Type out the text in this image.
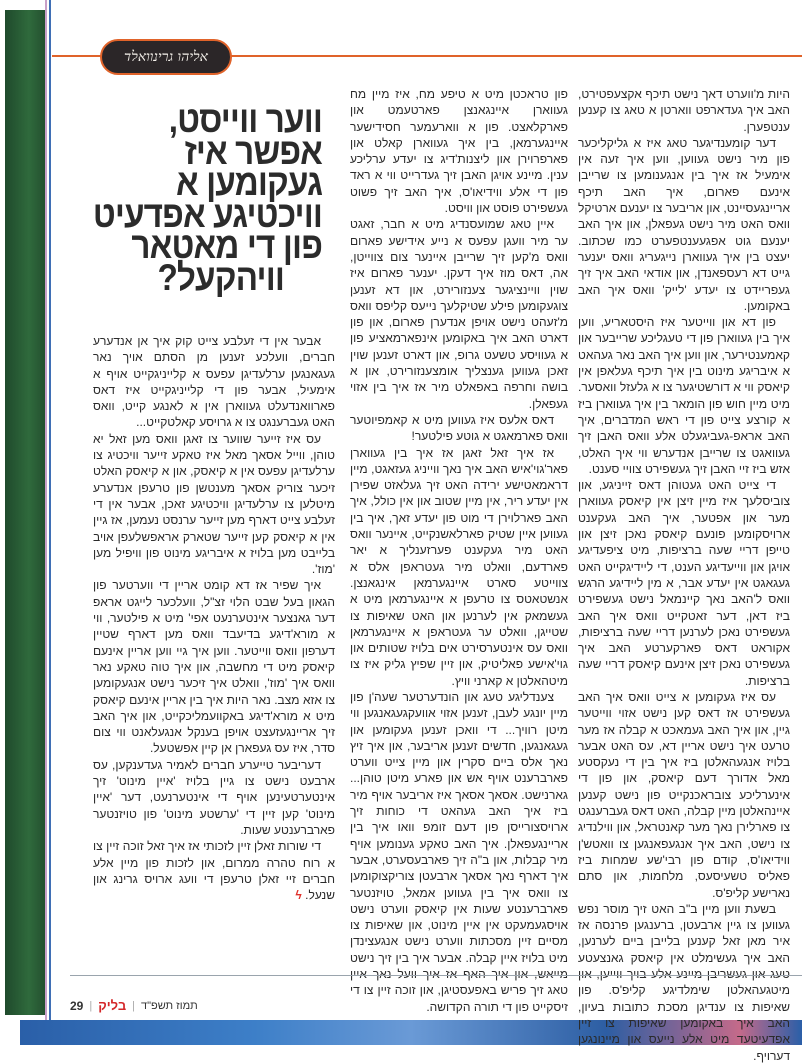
אליהו גרינוואלד
ווער ווייסט,
אפשר איז
געקומען א
וויכטיגע אפדעיט
פון די מאטאר
וויהקעל?

היות מ'ווערט דאך נישט תיכף אקצעפטירט, האב איך געדארפט ווארטן א טאג צו קענען ענטפערן.

דער קומענדיגער טאג איז א גליקליכער פון מיר נישט געווען, ווען איך זעה אין אימעיל אז איך בין אנגענומען צו שרייבן אינעם פארום, איך האב תיכף אריינגעסיינט, און אריבער צו יענעם ארטיקל וואס האט מיר נישט געפאלן, און איך האב יענעם גוט אפגעענטפערט כמו שכתוב. יעצט בין איך געווארן נייגעריג וואס יענער גייט דא רעספאנדן, און אודאי האב איך זיך געפריידט צו יעדע 'לייק' וואס איך האב באקומען.

פון דא און ווייטער איז היסטאריע, ווען איך בין געווארן פון די טעגליכע שרייבער און קאמענטירער, און ווען איך האב נאר געהאט א איבריגע מינוט בין איך תיכף געלאפן אין קיאסק ווי א דורשטיגער צו א גלעזל וואסער. מיט מיין חוש פון הומאר בין איך געווארן ביז א קורצע צייט פון די ראש המדברים, איך האב אראפ-געביגעלט אלע וואס האבן זיך געוואגט צו שרייבן אנדערש ווי איך האלט, אזש ביז זיי האבן זיך געשפירט צוויי סענט.

די צייט האט געטוהן דאס זייניגע, און צוביסלעך איז מיין זיצן אין קיאסק געווארן מער און אפטער, איך האב געקענט ארויסקומען פונעם קיאסק נאכן זיצן און טייפן דריי שעה ברציפות, מיט ציפעדיגע אויגן און ווייעדיגע הענט, די ליידיגקייט האט געגאגט אין יעדע אבר, א מין ליידיגע הרגש וואס ל'האב נאך קיינמאל נישט געשפירט ביז דאן, דער זאטקייט וואס איך האב געשפירט נאכן לערנען דריי שעה ברציפות, אקוראט דאס פארקערטע האב איך געשפירט נאכן זיצן אינעם קיאסק דריי שעה ברציפות.

עס איז געקומען א צייט וואס איך האב געשפירט אז דאס קען נישט אזוי ווייטער גיין, און איך האב געמאכט א קבלה אז מער טרעט איך נישט אריין דא, עס האט אבער בלויז אנגעהאלטן ביז איך בין די נעקסטע מאל אדורך דעם קיאסק, און פון די אינערליכע צובראכנקייט פון נישט קענען איינהאלטן מיין קבלה, האט דאס געברענגט צו פארלירן נאך מער קאנטראל, און ווילנדיג צו נישט, האב איך אנגעפאנגען צו וואטש'ן ווידיאו'ס, קודם פון רבי'שע שמחות ביז פאליס טשעיסעס, מלחמות, און סתם נארישע קליפ'ס.

בשעת ווען מיין ב"ב האט זיך מוסר נפש געווען צו גיין ארבעטן, ברענגען פרנסה אז איר מאן זאל קענען בלייבן ביים לערנען, האב איך געשימלט אין קיאסק גאנצעטע מיטגעהאלטן שימלדיגע קליפ'ס. פון שאיפות צו ענדיגן מסכת כתובות בעיון, האב איך באקומען שאיפות צו זיין אפדעיטעד מיט אלע נייעס און מיינונגען דערויף.

פון טראכטן מיט א טיפע מח, איז מיין מח געווארן איינגאנצן פארטעמט און פארקלאצט. פון א ווארעמער חסידישער איינגערמאן, בין איך געווארן קאלט און פארפרוירן און ליצנות'דיג צו יעדע ערליכע ענין. מיינע אויגן האבן זיך געדרייט ווי א ראד פון די אלע ווידיאו'ס, איך האב זיך פשוט געשפירט פוסט און וויסט.

איין טאג שמועסנדיג מיט א חבר, זאגט ער מיר וועגן עפעס א נייע אידישע פארום וואס מ'קען זיך שרייבן איינער צום צווייטן, אה, דאס מוז איך דעקן. יענער פארום איז שוין וויינציגער צענזורירט, און דא זענען צוגעקומען פילע שטיקלעך נייעס קליפס וואס מ'זעהט נישט אויפן אנדערן פארום, און פון דארט האב איך באקומען אינפארמאציע פון א געוויסע טשעט גרופ, און דארט זענען שוין זאכן געווען גענצליך אומצענזורירט, און א בושה וחרפה באפאלט מיר אז איך בין אזוי געפאלן.

דאס אלעס איז געווען מיט א קאמפיוטער וואס פארמאגט א גוטע פילטער!

אז איך זאל זאגן אז איך בין געווארן פאר'גוי'איש האב איך נאך ווייניג געזאגט, מיין דראמאטישע ירידה האט זיך געלאזט שפירן אין יעדע ריר, אין מיין שטוב און אין כולל, איך האב פארלוירן די מוט פון יעדע זאך, איך בין געווען איין שטיק פארלאשנקייט, איינער וואס האט מיר געקענט פערזענליך א יאר פארדעם, וואלט מיר געטראפן אלס א צווייטע סארט איינגערמאן אינגאנצן. אנשטאטס צו טרעפן א איינגערמאן מיט א געשמאק אין לערנען און האט שאיפות צו שטייגן, וואלט ער געטראפן א איינגערמאן וואס עס אינטערסירט אים בלויז שטותים און גוי'אישע פאליטיק, און זיין שפיץ גליק איז צו מיטהאלטן א קארני וויץ.

צענדליגע טעג און הונדערטער שעה'ן פון מיין יונגע לעבן, זענען אזוי אוועקגעגאנגען ווי מיטן רוויך... די וואכן זענען געקומען און געגאנגען, חדשים זענען אריבער, און איך זיץ נאך אלס ביים סקרין און מיין צייט ווערט פארברענט אויף אש און פארע מיטן טוהן... גארנישט. אסאך אסאך איז אריבער אויף מיר ביז איך האב געהאט די כוחות זיך ארויסצורייסן פון דעם זומפ וואו איך בין אריינגעפאלן. איך האב טאקע גענומען אויף מיר קבלות, און ב"ה זיך פארבעסערט, אבער איך דארף נאך אסאך ארבעטן צוריקצוקומען צו וואס איך בין געווען אמאל, טויזנטער פארברענטע שעות אין קיאסק ווערט נישט אויסגעמעקט אין איין מינוט, און שאיפות צו מסיים זיין מסכתות ווערט נישט אנגעצינדן מיט בלויז איין קבלה. אבער איך בין זיך נישט טאג זיך פריש באפעסטיגן, און זוכה זיין צו די זיסקייט פון די תורה הקדושה.

אבער אין די זעלבע צייט קוק איך אן אנדערע חברים, וועלכע זענען מן הסתם אויך נאר געגאנגען ערלעדיגן עפעס א קלייניגקייט אויף א אימעיל, אבער פון די קלייניגקייט איז דאס פארוואנדעלט געווארן אין א לאנגע קייט, וואס האט געברענגט צו א גרויסע קאלטקייט...

עס איז זייער שווער צו זאגן וואס מען זאל יא טוהן, ווייל אסאך מאל איז טאקע זייער וויכטיג צו ערלעדיגן עפעס אין א קיאסק, און א קיאסק האלט זיכער צוריק אסאך מענטשן פון טרעפן אנדערע מיטלען צו ערלעדיגן וויכטיגע זאכן, אבער אין די זעלבע צייט דארף מען זייער ערנסט נעמען, אז גיין אין א קיאסק קען זייער שטארק אראפשלעפן אויב בלייבט מען בלויז א איבריגע מינוט פון וויפיל מען 'מוז'.

איך שפיר אז דא קומט אריין די ווערטער פון הגאון בעל שבט הלוי זצ"ל, וועלכער לייגט אראפ דער גאנצער אינטערנעט אפי' מיט א פילטער, ווי א מורא'דיגע בדיעבד וואס מען דארף שטיין דערפון וואס ווייטער. ווען איך גיי ווען אריין אינעם קיאסק מיט די מחשבה, און איך טוה טאקע נאר וואס איך 'מוז', וואלט איך זיכער נישט אנגעקומען צו אזא מצב. נאר היות איך בין אריין אינעם קיאסק מיט א מורא'דיגע באקוועמליכקייט, און איך האב זיך אריינגעזעצט אויפן בענקל אנגעלאנט ווי צום סדר, איז עס געפארן אן קיין אפשטעל.

דעריבער טייערע חברים לאמיר געדענקען, עס ארבעט נישט צו גיין בלויז 'איין מינוט' זיך אינטערטעינען אויף די אינטערנעט, דער 'איין מינוט' קען זיין די 'ערשטע מינוט' פון טויזנטער פארברענטע שעות.

די שורות זאלן זיין לזכותי אז איך זאל זוכה זיין צו א רוח טהרה ממרום, און לזכות פון מיין אלע חברים זיי זאלן טרעפן די וועג ארויס גרינג און שנעל. ϟ

29 | בליק | תמוז תשפ"ד
